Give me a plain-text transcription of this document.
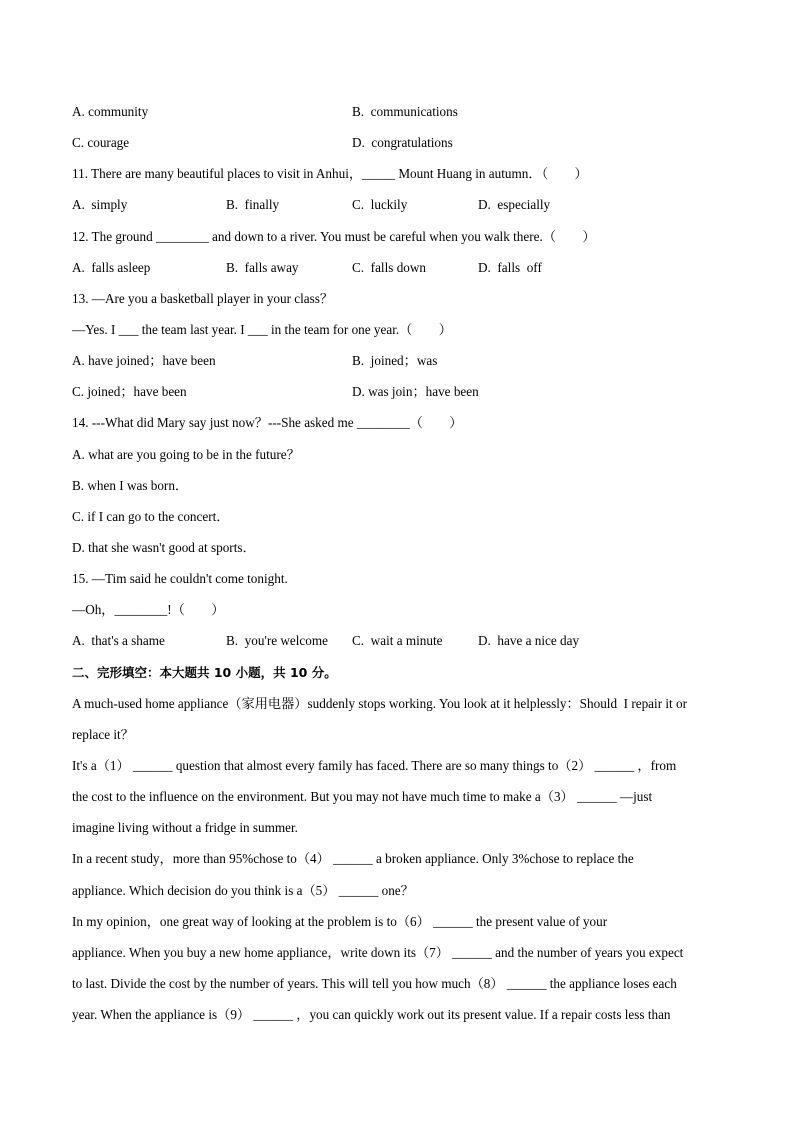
A. community	B.  communications
C. courage	D.  congratulations
11. There are many beautiful places to visit in Anhui，_____ Mount Huang in autumn．（        ）
A.  simply	B.  finally	C.  luckily	D.  especially
12. The ground ________ and down to a river. You must be careful when you walk there.（        ）
A.  falls asleep	B.  falls away	C.  falls down	D.  falls  off
13. —Are you a basketball player in your class？
—Yes. I ___ the team last year. I ___ in the team for one year.（        ）
A. have joined；have been	B.  joined；was
C. joined；have been	D. was join；have been
14. ---What did Mary say just now？---She asked me ________（        ）
A. what are you going to be in the future？
B. when I was born．
C. if I can go to the concert．
D. that she wasn't good at sports．
15. —Tim said he couldn't come tonight.
—Oh，________!（        ）
A.  that's a shame	B.  you're welcome C.  wait a minute	D.  have a nice day
二、完形填空：本大题共 10 小题，共 10 分。
A much-used home appliance（家用电器）suddenly stops working. You look at it helplessly：Should  I repair it or
replace it？
It's a（1） ______ question that almost every family has faced. There are so many things to（2） ______ ，from
the cost to the influence on the environment. But you may not have much time to make a（3） ______ —just
imagine living without a fridge in summer.
In a recent study，more than 95%chose to（4） ______ a broken appliance. Only 3%chose to replace the
appliance. Which decision do you think is a（5） ______ one？
In my opinion，one great way of looking at the problem is to（6） ______ the present value of your
appliance. When you buy a new home appliance，write down its（7） ______ and the number of years you expect
to last. Divide the cost by the number of years. This will tell you how much（8） ______ the appliance loses each
year. When the appliance is（9） ______ ，you can quickly work out its present value. If a repair costs less than
